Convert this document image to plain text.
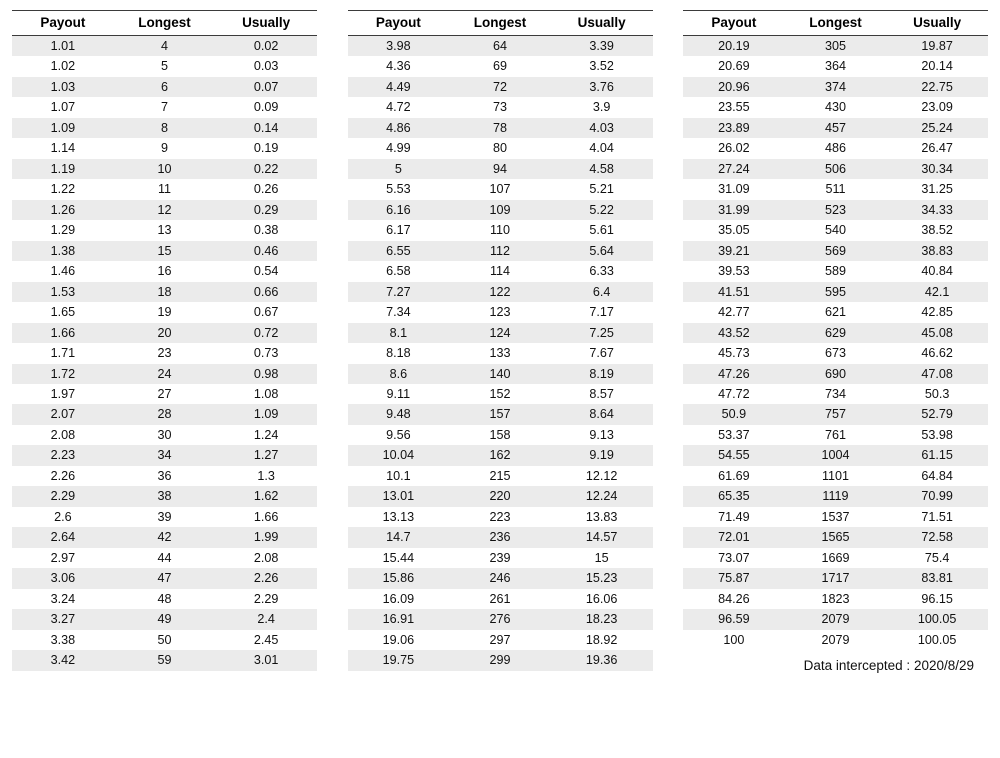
Payout	Longest	Usually
1.01	4	0.02
1.02	5	0.03
1.03	6	0.07
1.07	7	0.09
1.09	8	0.14
1.14	9	0.19
1.19	10	0.22
1.22	11	0.26
1.26	12	0.29
1.29	13	0.38
1.38	15	0.46
1.46	16	0.54
1.53	18	0.66
1.65	19	0.67
1.66	20	0.72
1.71	23	0.73
1.72	24	0.98
1.97	27	1.08
2.07	28	1.09
2.08	30	1.24
2.23	34	1.27
2.26	36	1.3
2.29	38	1.62
2.6	39	1.66
2.64	42	1.99
2.97	44	2.08
3.06	47	2.26
3.24	48	2.29
3.27	49	2.4
3.38	50	2.45
3.42	59	3.01
Payout	Longest	Usually
3.98	64	3.39
4.36	69	3.52
4.49	72	3.76
4.72	73	3.9
4.86	78	4.03
4.99	80	4.04
5	94	4.58
5.53	107	5.21
6.16	109	5.22
6.17	110	5.61
6.55	112	5.64
6.58	114	6.33
7.27	122	6.4
7.34	123	7.17
8.1	124	7.25
8.18	133	7.67
8.6	140	8.19
9.11	152	8.57
9.48	157	8.64
9.56	158	9.13
10.04	162	9.19
10.1	215	12.12
13.01	220	12.24
13.13	223	13.83
14.7	236	14.57
15.44	239	15
15.86	246	15.23
16.09	261	16.06
16.91	276	18.23
19.06	297	18.92
19.75	299	19.36
Payout	Longest	Usually
20.19	305	19.87
20.69	364	20.14
20.96	374	22.75
23.55	430	23.09
23.89	457	25.24
26.02	486	26.47
27.24	506	30.34
31.09	511	31.25
31.99	523	34.33
35.05	540	38.52
39.21	569	38.83
39.53	589	40.84
41.51	595	42.1
42.77	621	42.85
43.52	629	45.08
45.73	673	46.62
47.26	690	47.08
47.72	734	50.3
50.9	757	52.79
53.37	761	53.98
54.55	1004	61.15
61.69	1101	64.84
65.35	1119	70.99
71.49	1537	71.51
72.01	1565	72.58
73.07	1669	75.4
75.87	1717	83.81
84.26	1823	96.15
96.59	2079	100.05
100	2079	100.05
Data intercepted : 2020/8/29
